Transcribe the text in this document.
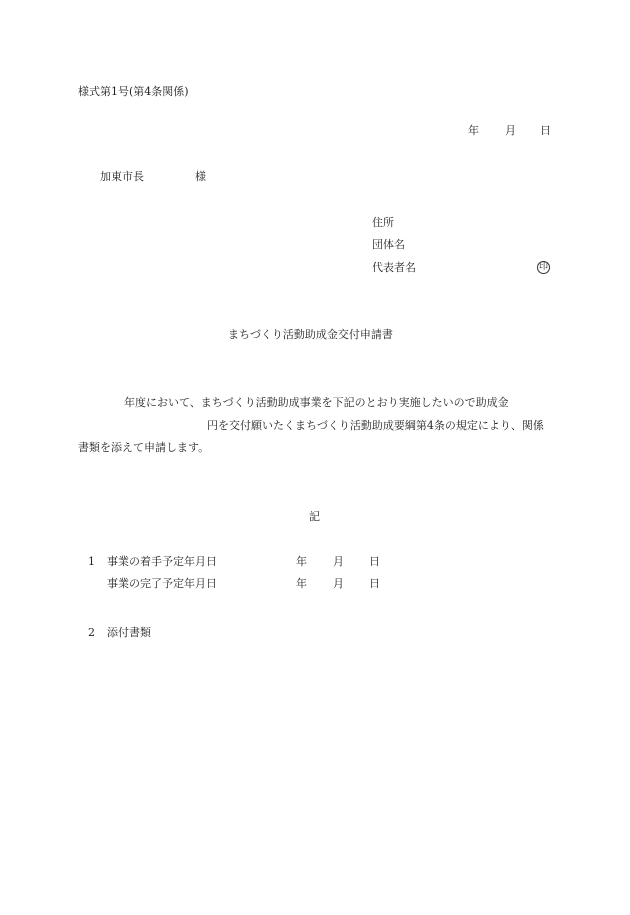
様式第1号(第4条関係)
年 月 日
加東市長	様
住所
団体名
代表者名	印
まちづくり活動助成金交付申請書
年度において、まちづくり活動助成事業を下記のとおり実施したいので助成金
円を交付願いたくまちづくり活動助成要綱第4条の規定により、関係
書類を添えて申請します。
記
1 事業の着手予定年月日	年 月 日
事業の完了予定年月日	年 月 日
2 添付書類
